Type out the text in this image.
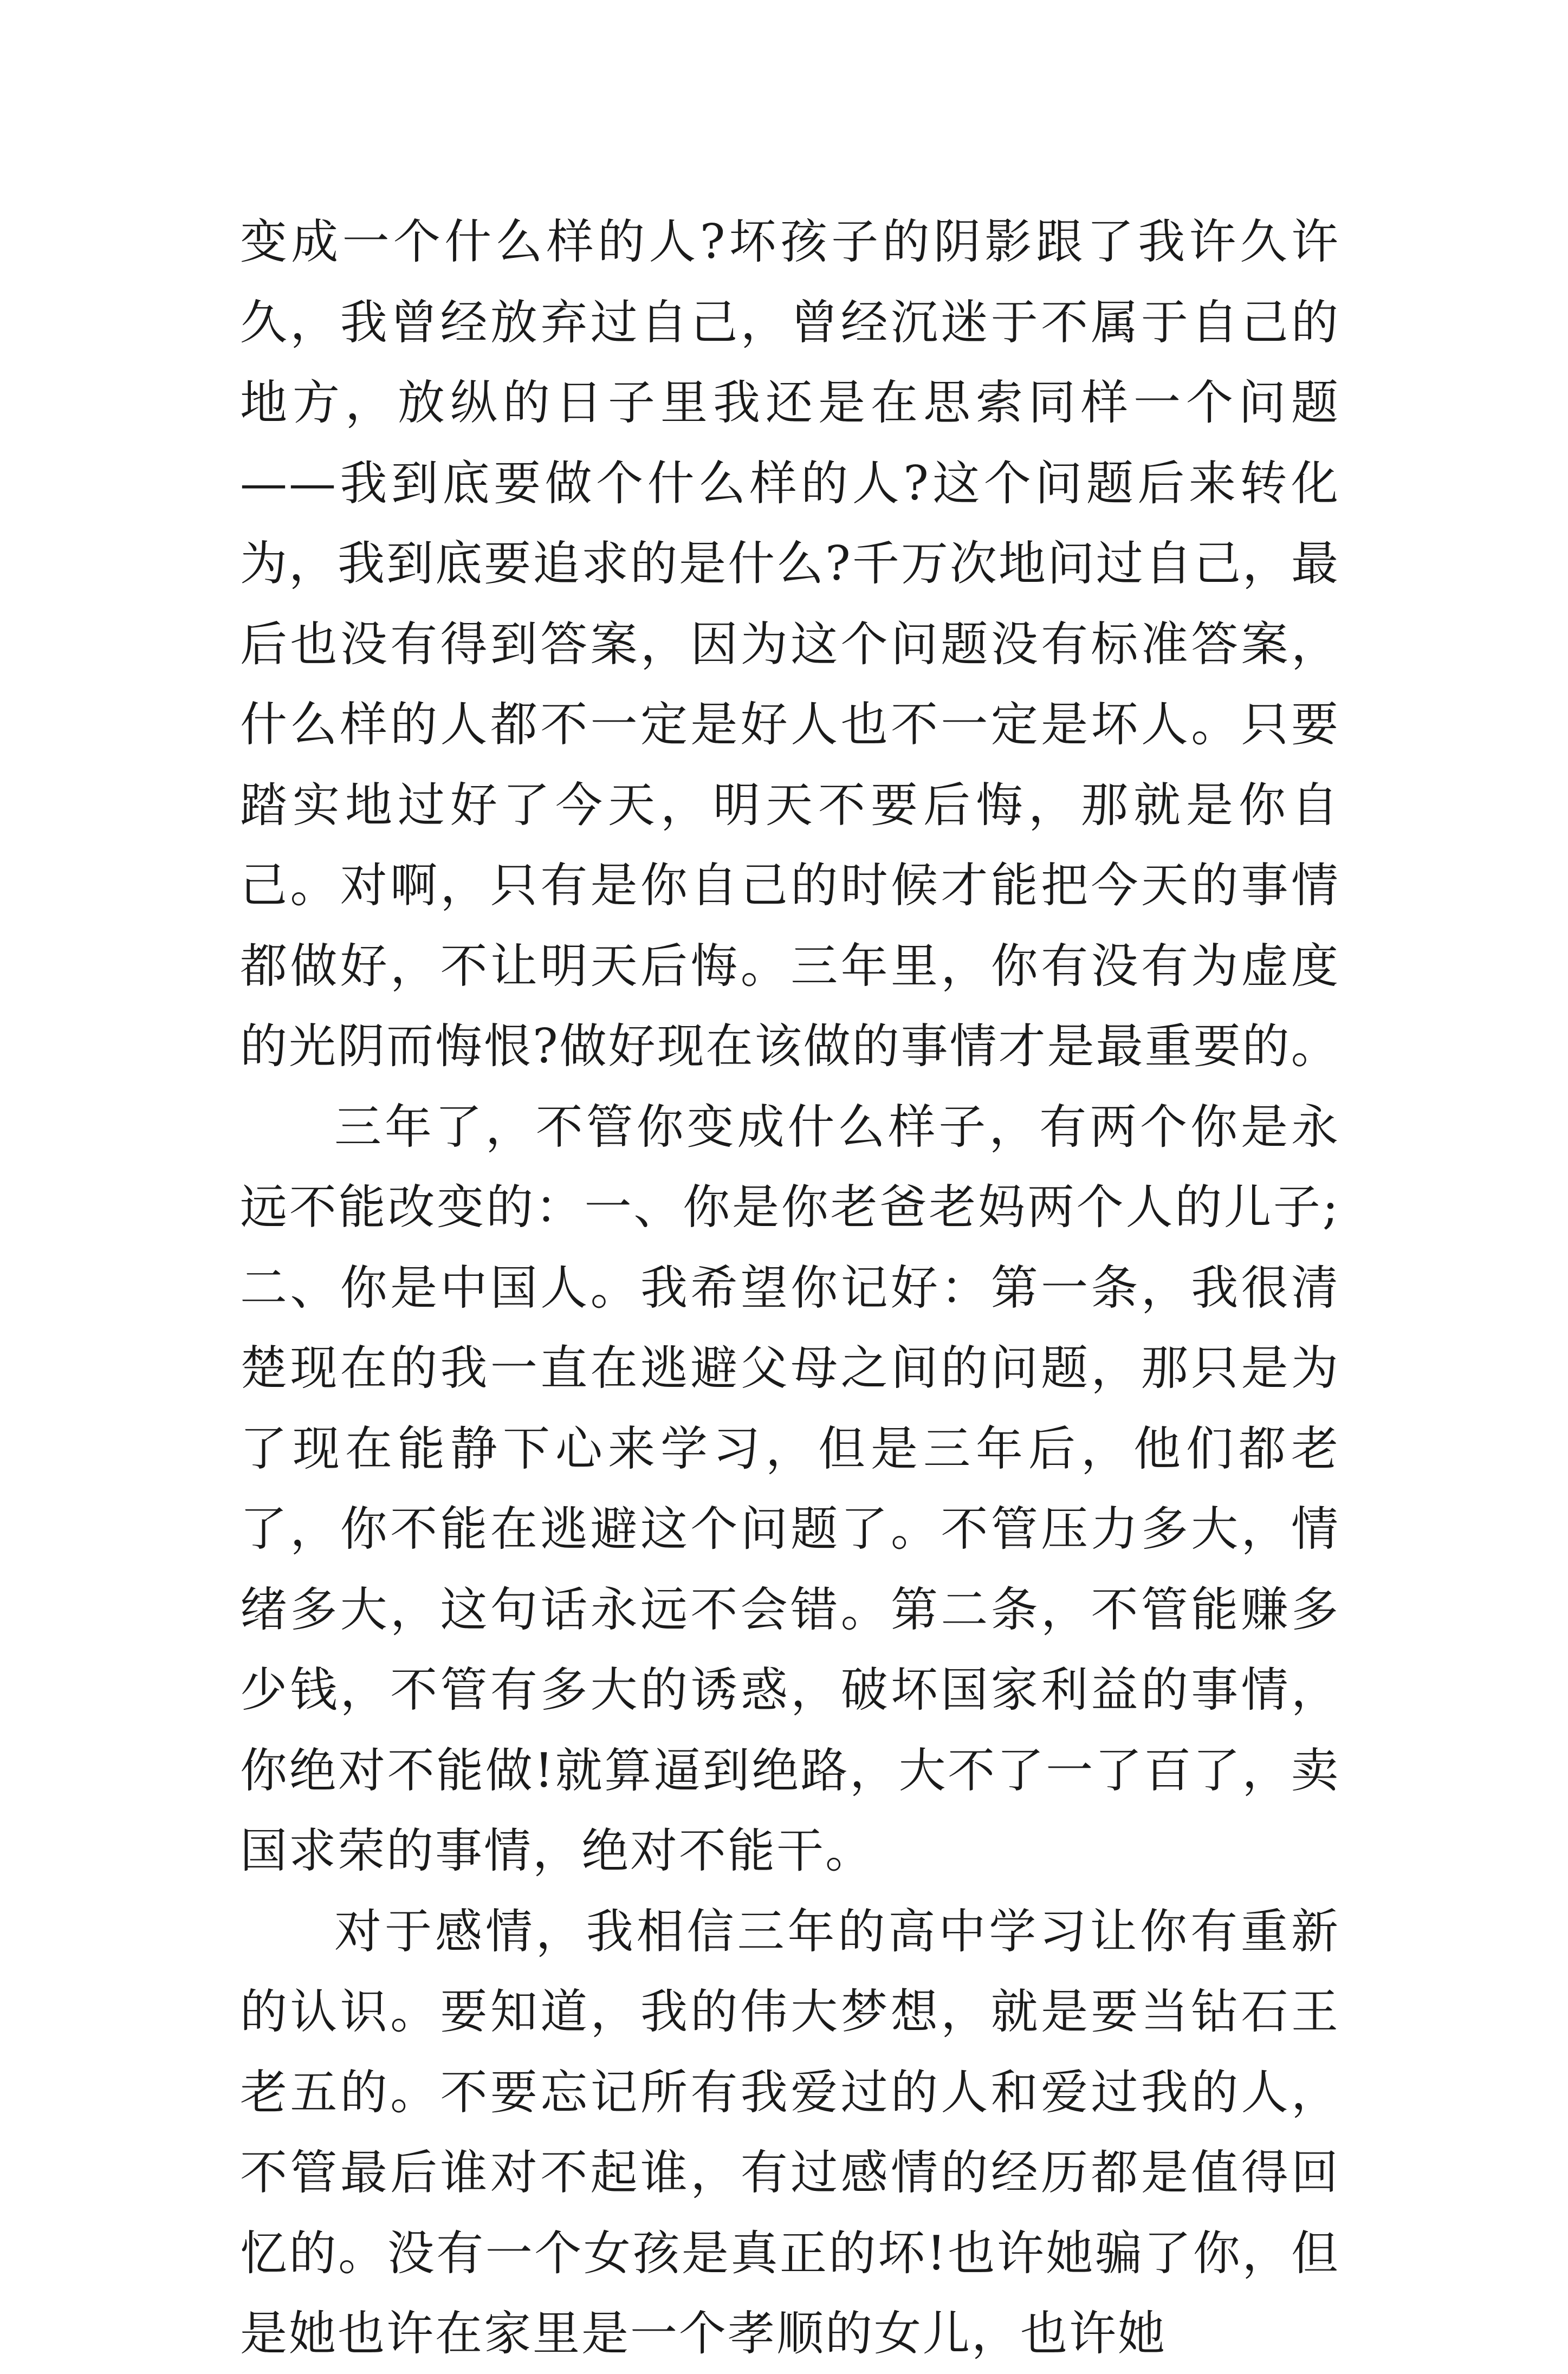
变成一个什么样的人?坏孩子的阴影跟了我许久许久，我曾经放弃过自己，曾经沉迷于不属于自己的地方，放纵的日子里我还是在思索同样一个问题——我到底要做个什么样的人?这个问题后来转化为，我到底要追求的是什么?千万次地问过自己，最后也没有得到答案，因为这个问题没有标准答案，什么样的人都不一定是好人也不一定是坏人。只要踏实地过好了今天，明天不要后悔，那就是你自己。对啊，只有是你自己的时候才能把今天的事情都做好，不让明天后悔。三年里，你有没有为虚度的光阴而悔恨?做好现在该做的事情才是最重要的。

三年了，不管你变成什么样子，有两个你是永远不能改变的：一、你是你老爸老妈两个人的儿子;二、你是中国人。我希望你记好：第一条，我很清楚现在的我一直在逃避父母之间的问题，那只是为了现在能静下心来学习，但是三年后，他们都老了，你不能在逃避这个问题了。不管压力多大，情绪多大，这句话永远不会错。第二条，不管能赚多少钱，不管有多大的诱惑，破坏国家利益的事情，你绝对不能做!就算逼到绝路，大不了一了百了，卖国求荣的事情，绝对不能干。

对于感情，我相信三年的高中学习让你有重新的认识。要知道，我的伟大梦想，就是要当钻石王老五的。不要忘记所有我爱过的人和爱过我的人，不管最后谁对不起谁，有过感情的经历都是值得回忆的。没有一个女孩是真正的坏!也许她骗了你，但是她也许在家里是一个孝顺的女儿，也许她
